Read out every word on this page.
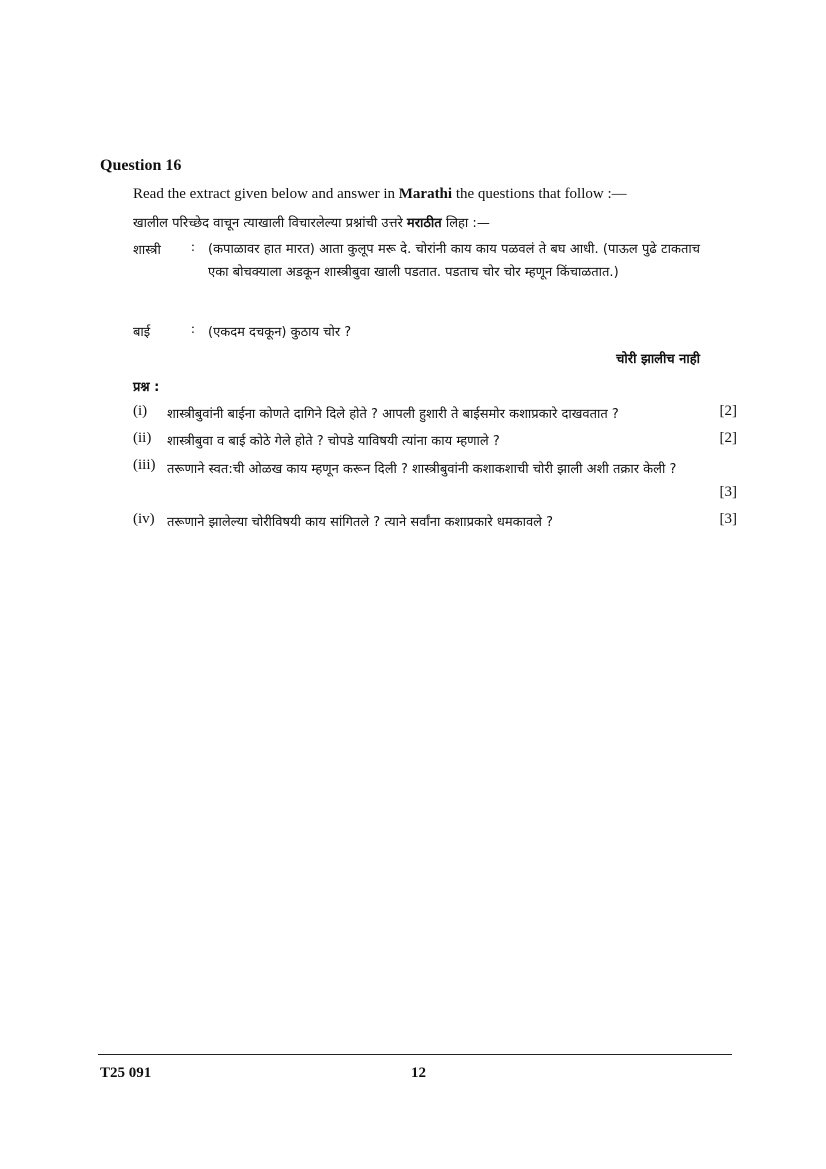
Question 16
Read the extract given below and answer in Marathi the questions that follow :—
खालील परिच्छेद वाचून त्याखाली विचारलेल्या प्रश्नांची उत्तरे मराठीत लिहा :—
शास्त्री : (कपाळावर हात मारत) आता कुलूप मरू दे. चोरांनी काय काय पळवलं ते बघ आधी. (पाऊल पुढे टाकताच एका बोचक्याला अडकून शास्त्रीबुवा खाली पडतात. पडताच चोर चोर म्हणून किंचाळतात.)
बाई	: (एकदम दचकून) कुठाय चोर ?
चोरी झालीच नाही
प्रश्न :
(i) शास्त्रीबुवांनी बाईना कोणते दागिने दिले होते ? आपली हुशारी ते बाईसमोर कशाप्रकारे दाखवतात ?	[2]
(ii) शास्त्रीबुवा व बाई कोठे गेले होते ? चोपडे याविषयी त्यांना काय म्हणाले ?	[2]
(iii) तरूणाने स्वत:ची ओळख काय म्हणून करून दिली ? शास्त्रीबुवांनी कशाकशाची चोरी झाली अशी तक्रार केली ?
[3]
(iv) तरूणाने झालेल्या चोरीविषयी काय सांगितले ? त्याने सर्वांना कशाप्रकारे धमकावले ?	[3]
T25 091	12
